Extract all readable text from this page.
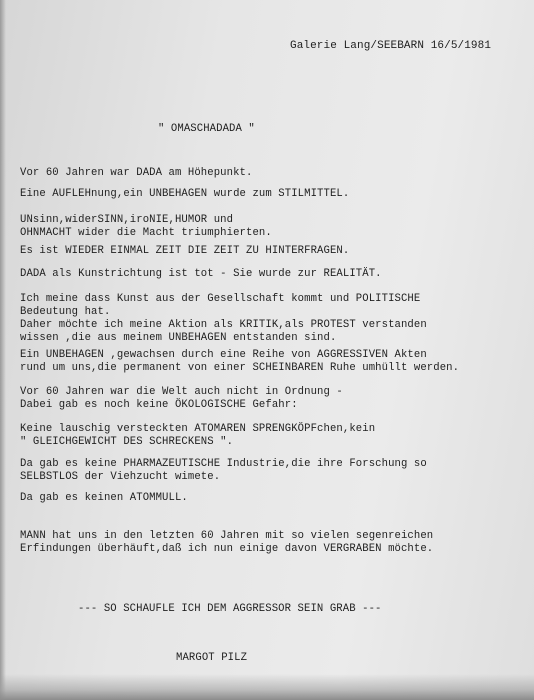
Galerie Lang/SEEBARN 16/5/1981
" OMASCHADADA "
Vor 60 Jahren war DADA am Höhepunkt.
Eine AUFLEHnung,ein UNBEHAGEN wurde zum STILMITTEL.
UNsinn,widerSINN,iroNIE,HUMOR und
OHNMACHT wider die Macht triumphierten.
Es ist WIEDER EINMAL ZEIT DIE ZEIT ZU HINTERFRAGEN.
DADA als Kunstrichtung ist tot - Sie wurde zur REALITÄT.
Ich meine dass Kunst aus der Gesellschaft kommt und POLITISCHE
Bedeutung hat.
Daher möchte ich meine Aktion als KRITIK,als PROTEST verstanden
wissen ,die aus meinem UNBEHAGEN entstanden sind.
Ein UNBEHAGEN ,gewachsen durch eine Reihe von AGGRESSIVEN Akten
rund um uns,die permanent von einer SCHEINBAREN Ruhe umhüllt werden.
Vor 60 Jahren war die Welt auch nicht in Ordnung -
Dabei gab es noch keine ÖKOLOGISCHE Gefahr:
Keine lauschig versteckten ATOMAREN SPRENGKÖPFchen,kein
" GLEICHGEWICHT DES SCHRECKENS ".
Da gab es keine PHARMAZEUTISCHE Industrie,die ihre Forschung so
SELBSTLOS der Viehzucht wimete.
Da gab es keinen ATOMMULL.
MANN hat uns in den letzten 60 Jahren mit so vielen segenreichen
Erfindungen überhäuft,daß ich nun einige davon VERGRABEN möchte.
--- SO SCHAUFLE ICH DEM AGGRESSOR SEIN GRAB ---
MARGOT PILZ
